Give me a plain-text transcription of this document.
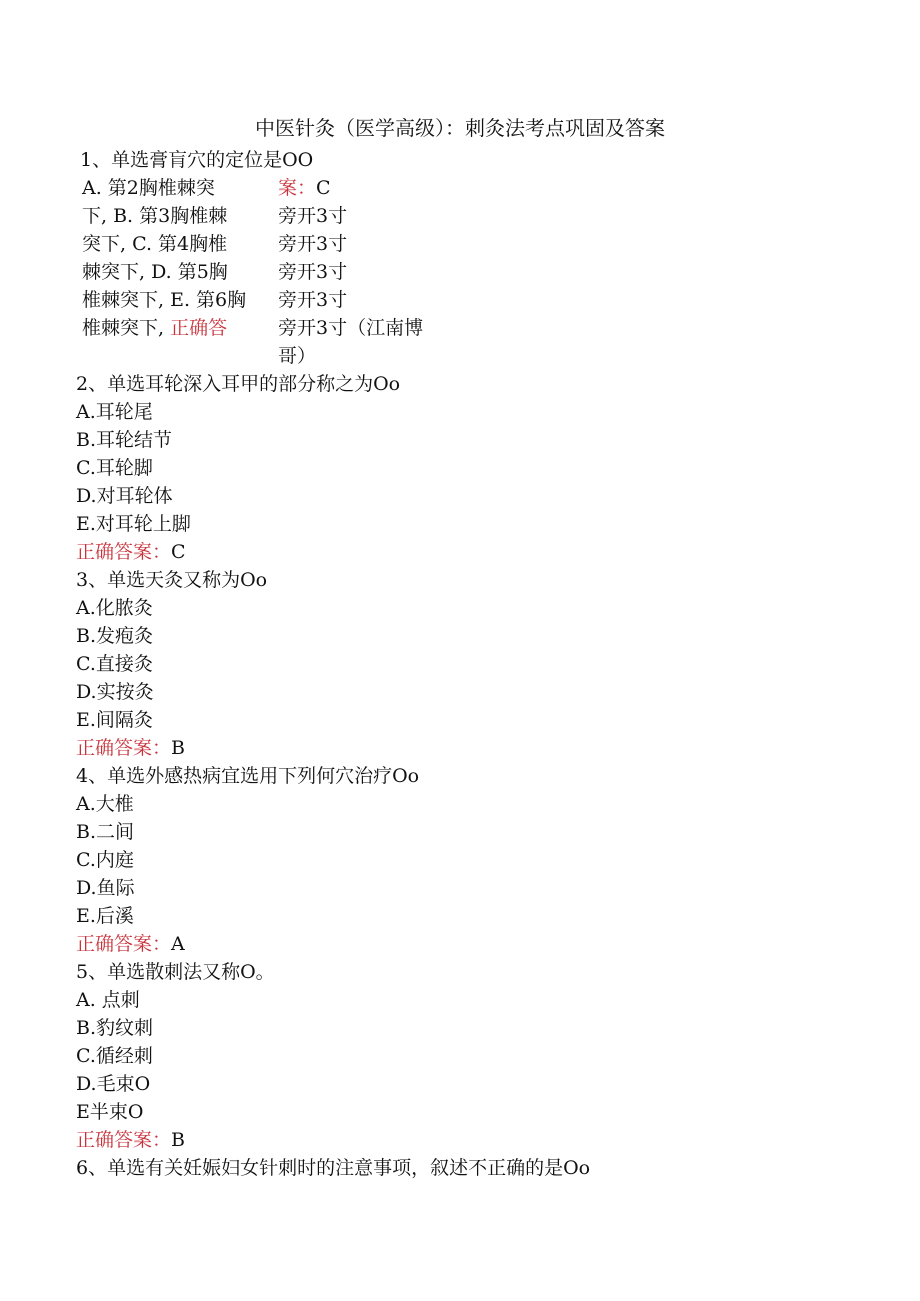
中医针灸（医学高级）：刺灸法考点巩固及答案
1、单选膏肓穴的定位是OO
A. 第2胸椎棘突
下, B. 第3胸椎棘
突下, C. 第4胸椎
棘突下, D. 第5胸
椎棘突下, E. 第6胸
椎棘突下, 正确答
案：C
旁开3寸
旁开3寸
旁开3寸
旁开3寸
旁开3寸（江南博
哥）
2、单选耳轮深入耳甲的部分称之为Oo
A.耳轮尾
B.耳轮结节
C.耳轮脚
D.对耳轮体
E.对耳轮上脚
正确答案：C
3、单选天灸又称为Oo
A.化脓灸
B.发疱灸
C.直接灸
D.实按灸
E.间隔灸
正确答案：B
4、单选外感热病宜选用下列何穴治疗Oo
A.大椎
B.二间
C.内庭
D.鱼际
E.后溪
正确答案：A
5、单选散刺法又称O。
A. 点刺
B.豹纹刺
C.循经刺
D.毛束O
E半束O
正确答案：B
6、单选有关妊娠妇女针刺时的注意事项，叙述不正确的是Oo
